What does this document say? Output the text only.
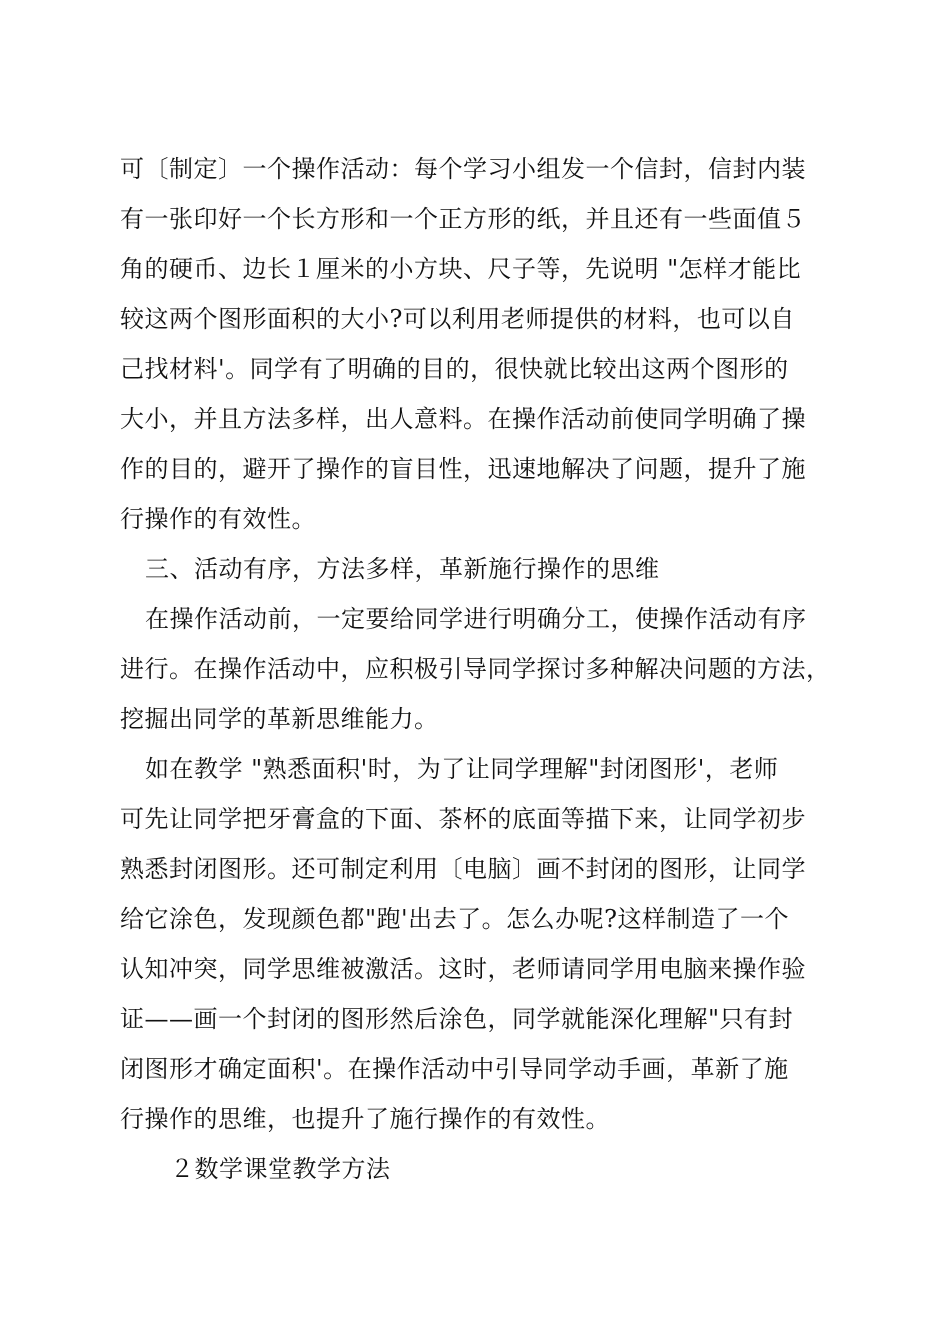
可〔制定〕一个操作活动：每个学习小组发一个信封，信封内装
有一张印好一个长方形和一个正方形的纸，并且还有一些面值５
角的硬币、边长１厘米的小方块、尺子等，先说明 "怎样才能比
较这两个图形面积的大小?可以利用老师提供的材料，也可以自
己找材料'。同学有了明确的目的，很快就比较出这两个图形的
大小，并且方法多样，出人意料。在操作活动前使同学明确了操
作的目的，避开了操作的盲目性，迅速地解决了问题，提升了施
行操作的有效性。
三、活动有序，方法多样，革新施行操作的思维
在操作活动前，一定要给同学进行明确分工，使操作活动有序
进行。在操作活动中，应积极引导同学探讨多种解决问题的方法，
挖掘出同学的革新思维能力。
如在教学 "熟悉面积'时，为了让同学理解"封闭图形'，老师
可先让同学把牙膏盒的下面、茶杯的底面等描下来，让同学初步
熟悉封闭图形。还可制定利用〔电脑〕画不封闭的图形，让同学
给它涂色，发现颜色都"跑'出去了。怎么办呢?这样制造了一个
认知冲突，同学思维被激活。这时，老师请同学用电脑来操作验
证——画一个封闭的图形然后涂色，同学就能深化理解"只有封
闭图形才确定面积'。在操作活动中引导同学动手画，革新了施
行操作的思维，也提升了施行操作的有效性。
２数学课堂教学方法
